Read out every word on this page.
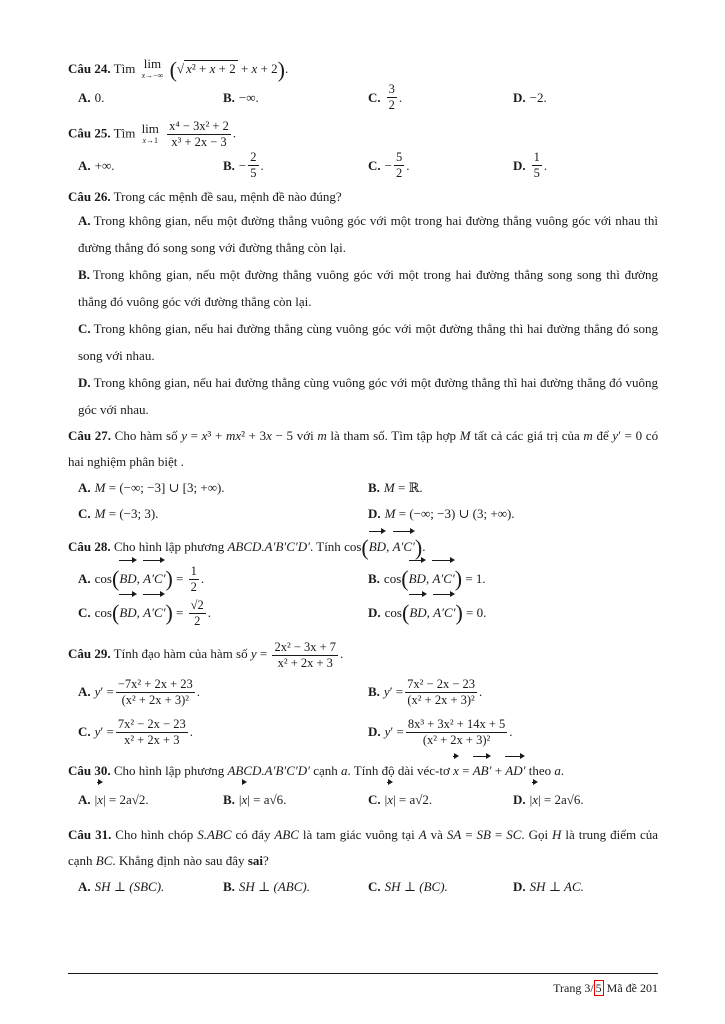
Câu 24. Tìm lim
x→−∞ (√ x² + x + 2 + x + 2).
A. 0.	B. −∞.	C. $\frac{3}{2}$ .	D. −2.
Câu 25. Tìm lim
x→1
$\frac{\text{x⁴ − 3x² + 2}}{\text{x³ + 2x − 3}}$ .
A. +∞.	B. − $\frac{2}{5}$ .	C. − $\frac{5}{2}$ .	D. $\frac{1}{5}$ .
Câu 26. Trong các mệnh đề sau, mệnh đề nào đúng?
A. Trong không gian, nếu một đường thẳng vuông góc với một trong hai đường thẳng vuông góc với nhau thì đường thẳng đó song song với đường thẳng còn lại.
B. Trong không gian, nếu một đường thẳng vuông góc với một trong hai đường thẳng song song thì đường thẳng đó vuông góc với đường thẳng còn lại.
C. Trong không gian, nếu hai đường thẳng cùng vuông góc với một đường thẳng thì hai đường thẳng đó song song với nhau.
D. Trong không gian, nếu hai đường thẳng cùng vuông góc với một đường thẳng thì hai đường thẳng đó vuông góc với nhau.
Câu 27. Cho hàm số y = x³ + mx² + 3x − 5 với m là tham số. Tìm tập hợp M tất cả các giá trị của m để y′ = 0 có hai nghiệm phân biệt .
A. M = (−∞; −3] ∪ [3; +∞).	B. M = ℝ.
C. M = (−3; 3).	D. M = (−∞; −3) ∪ (3; +∞).
Câu 28. Cho hình lập phương ABCD.A′B′C′D′. Tính cos(BD, A′C′).
A. cos ( BD , A′C′ ) = $\frac{1}{2}$ .	B. cos ( BD , A′C′ )
= 1.
C. cos ( BD , A′C′ ) = $\frac{√2}{2}$ .	D. cos ( BD , A′C′ )
= 0.
Câu 29. Tính đạo hàm của hàm số $y = \frac{\text{2x² − 3x + 7}}{\text{x² + 2x + 3}}$ .
A. y ′ = $\frac{\text{−7x² + 2x + 23}}{\text{(x² + 2x + 3)²}}$ .	B. y ′ = $\frac{\text{7x² − 2x − 23}}{\text{(x² + 2x + 3)²}}$ .
C. y ′ = $\frac{\text{7x² − 2x − 23}}{\text{x² + 2x + 3}}$ .	D. y ′ = $\frac{\text{8x³ + 3x² + 14x + 5}}{\text{(x² + 2x + 3)²}}$ .
Câu 30. Cho hình lập phương ABCD.A′B′C′D′ cạnh a. Tính độ dài véc-tơ x = AB′ + AD′ theo a.
A. | x | = 2a√2.	B. | x | = a√6.	C. | x | = a√2.	D. | x | = 2a√6.
Câu 31. Cho hình chóp S.ABC có đáy ABC là tam giác vuông tại A và SA = SB = SC. Gọi H là trung điểm của cạnh BC. Khẳng định nào sau đây sai?
A. SH ⊥ (SBC).	B. SH ⊥ (ABC).	C. SH ⊥ (BC).	D. SH ⊥ AC.
Trang 3/ 5 Mã đề 201
